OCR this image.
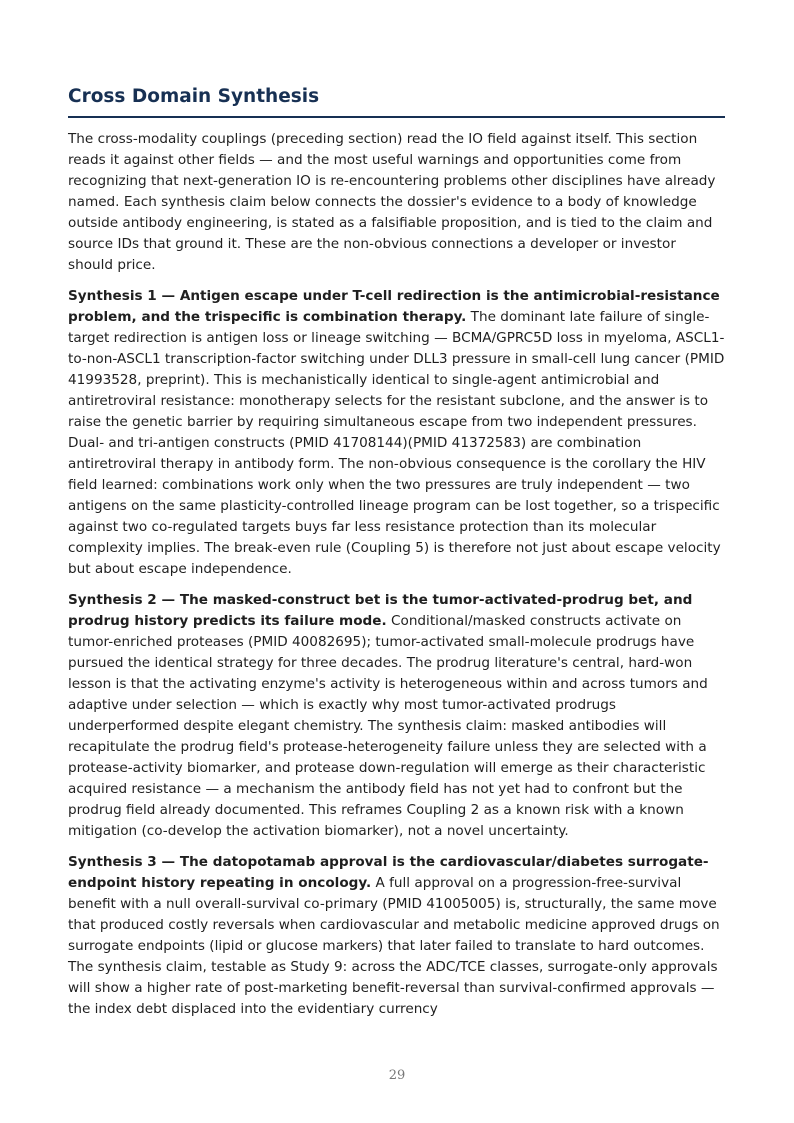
Cross Domain Synthesis

The cross-modality couplings (preceding section) read the IO field against itself. This section reads it against other fields — and the most useful warnings and opportunities come from recognizing that next-generation IO is re-encountering problems other disciplines have already named. Each synthesis claim below connects the dossier's evidence to a body of knowledge outside antibody engineering, is stated as a falsifiable proposition, and is tied to the claim and source IDs that ground it. These are the non-obvious connections a developer or investor should price.

Synthesis 1 — Antigen escape under T-cell redirection is the antimicrobial-resistance problem, and the trispecific is combination therapy. The dominant late failure of single-target redirection is antigen loss or lineage switching — BCMA/GPRC5D loss in myeloma, ASCL1-to-non-ASCL1 transcription-factor switching under DLL3 pressure in small-cell lung cancer (PMID 41993528, preprint). This is mechanistically identical to single-agent antimicrobial and antiretroviral resistance: monotherapy selects for the resistant subclone, and the answer is to raise the genetic barrier by requiring simultaneous escape from two independent pressures. Dual- and tri-antigen constructs (PMID 41708144)(PMID 41372583) are combination antiretroviral therapy in antibody form. The non-obvious consequence is the corollary the HIV field learned: combinations work only when the two pressures are truly independent — two antigens on the same plasticity-controlled lineage program can be lost together, so a trispecific against two co-regulated targets buys far less resistance protection than its molecular complexity implies. The break-even rule (Coupling 5) is therefore not just about escape velocity but about escape independence.

Synthesis 2 — The masked-construct bet is the tumor-activated-prodrug bet, and prodrug history predicts its failure mode. Conditional/masked constructs activate on tumor-enriched proteases (PMID 40082695); tumor-activated small-molecule prodrugs have pursued the identical strategy for three decades. The prodrug literature's central, hard-won lesson is that the activating enzyme's activity is heterogeneous within and across tumors and adaptive under selection — which is exactly why most tumor-activated prodrugs underperformed despite elegant chemistry. The synthesis claim: masked antibodies will recapitulate the prodrug field's protease-heterogeneity failure unless they are selected with a protease-activity biomarker, and protease down-regulation will emerge as their characteristic acquired resistance — a mechanism the antibody field has not yet had to confront but the prodrug field already documented. This reframes Coupling 2 as a known risk with a known mitigation (co-develop the activation biomarker), not a novel uncertainty.

Synthesis 3 — The datopotamab approval is the cardiovascular/diabetes surrogate-endpoint history repeating in oncology. A full approval on a progression-free-survival benefit with a null overall-survival co-primary (PMID 41005005) is, structurally, the same move that produced costly reversals when cardiovascular and metabolic medicine approved drugs on surrogate endpoints (lipid or glucose markers) that later failed to translate to hard outcomes. The synthesis claim, testable as Study 9: across the ADC/TCE classes, surrogate-only approvals will show a higher rate of post-marketing benefit-reversal than survival-confirmed approvals — the index debt displaced into the evidentiary currency

29
